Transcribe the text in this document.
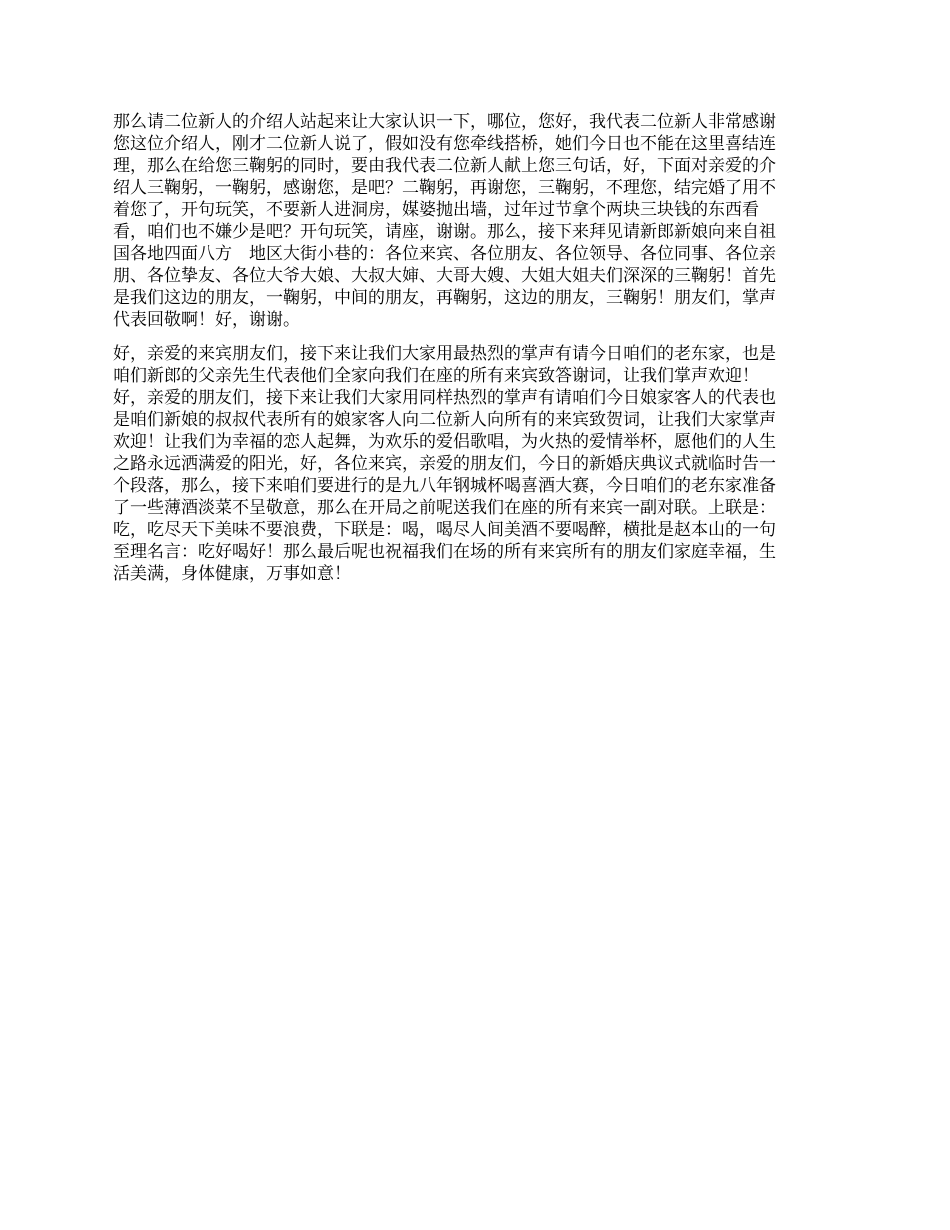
那么请二位新人的介绍人站起来让大家认识一下，哪位，您好，我代表二位新人非常感谢
您这位介绍人，刚才二位新人说了，假如没有您牵线搭桥，她们今日也不能在这里喜结连
理，那么在给您三鞠躬的同时，要由我代表二位新人献上您三句话，好，下面对亲爱的介
绍人三鞠躬，一鞠躬，感谢您，是吧？二鞠躬，再谢您，三鞠躬，不理您，结完婚了用不
着您了，开句玩笑，不要新人进洞房，媒婆抛出墙，过年过节拿个两块三块钱的东西看
看，咱们也不嫌少是吧？开句玩笑，请座，谢谢。那么，接下来拜见请新郎新娘向来自祖
国各地四面八方　地区大街小巷的：各位来宾、各位朋友、各位领导、各位同事、各位亲
朋、各位挚友、各位大爷大娘、大叔大婶、大哥大嫂、大姐大姐夫们深深的三鞠躬！首先
是我们这边的朋友，一鞠躬，中间的朋友，再鞠躬，这边的朋友，三鞠躬！朋友们，掌声
代表回敬啊！好，谢谢。
好，亲爱的来宾朋友们，接下来让我们大家用最热烈的掌声有请今日咱们的老东家，也是
咱们新郎的父亲先生代表他们全家向我们在座的所有来宾致答谢词，让我们掌声欢迎！
好，亲爱的朋友们，接下来让我们大家用同样热烈的掌声有请咱们今日娘家客人的代表也
是咱们新娘的叔叔代表所有的娘家客人向二位新人向所有的来宾致贺词，让我们大家掌声
欢迎！让我们为幸福的恋人起舞，为欢乐的爱侣歌唱，为火热的爱情举杯，愿他们的人生
之路永远洒满爱的阳光，好，各位来宾，亲爱的朋友们，今日的新婚庆典议式就临时告一
个段落，那么，接下来咱们要进行的是九八年钢城杯喝喜酒大赛，今日咱们的老东家准备
了一些薄酒淡菜不呈敬意，那么在开局之前呢送我们在座的所有来宾一副对联。上联是：
吃，吃尽天下美味不要浪费，下联是：喝，喝尽人间美酒不要喝醉，横批是赵本山的一句
至理名言：吃好喝好！那么最后呢也祝福我们在场的所有来宾所有的朋友们家庭幸福，生
活美满，身体健康，万事如意！
